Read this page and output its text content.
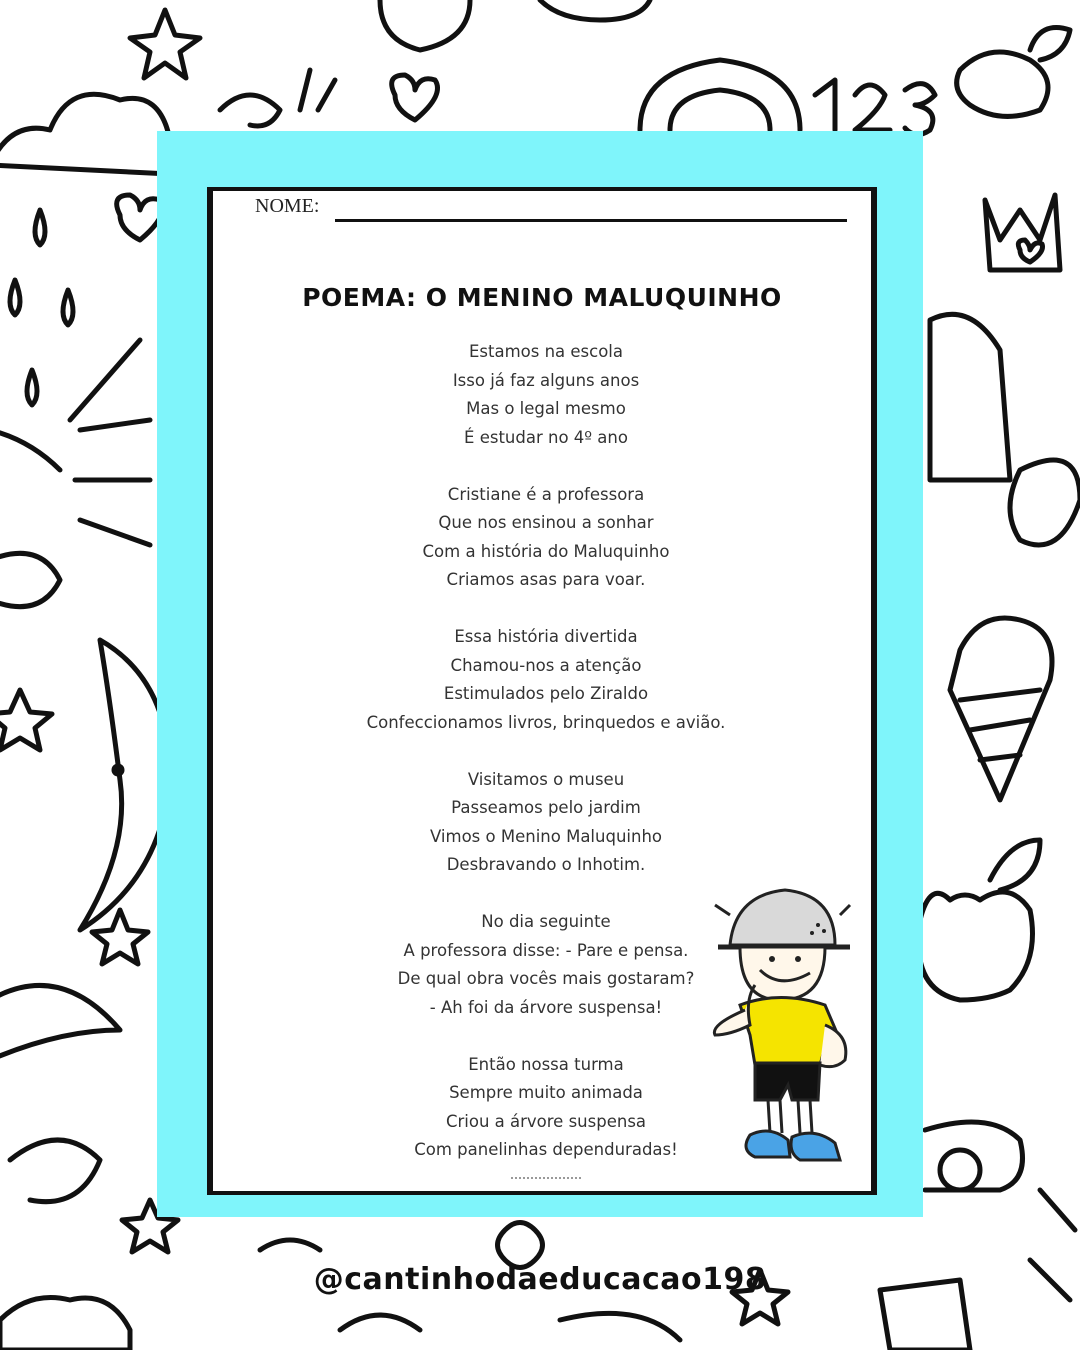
NOME:
POEMA: O MENINO MALUQUINHO
Estamos na escola
Isso já faz alguns anos
Mas o legal mesmo
É estudar no 4º ano
Cristiane é a professora
Que nos ensinou a sonhar
Com a história do Maluquinho
Criamos asas para voar.
Essa história divertida
Chamou-nos a atenção
Estimulados pelo Ziraldo
Confeccionamos livros, brinquedos e avião.
Visitamos o museu
Passeamos pelo jardim
Vimos o Menino Maluquinho
Desbravando o Inhotim.
No dia seguinte
A professora disse: - Pare e pensa.
De qual obra vocês mais gostaram?
- Ah foi da árvore suspensa!
Então nossa turma
Sempre muito animada
Criou a árvore suspensa
Com panelinhas dependuradas!
@cantinhodaeducacao198
